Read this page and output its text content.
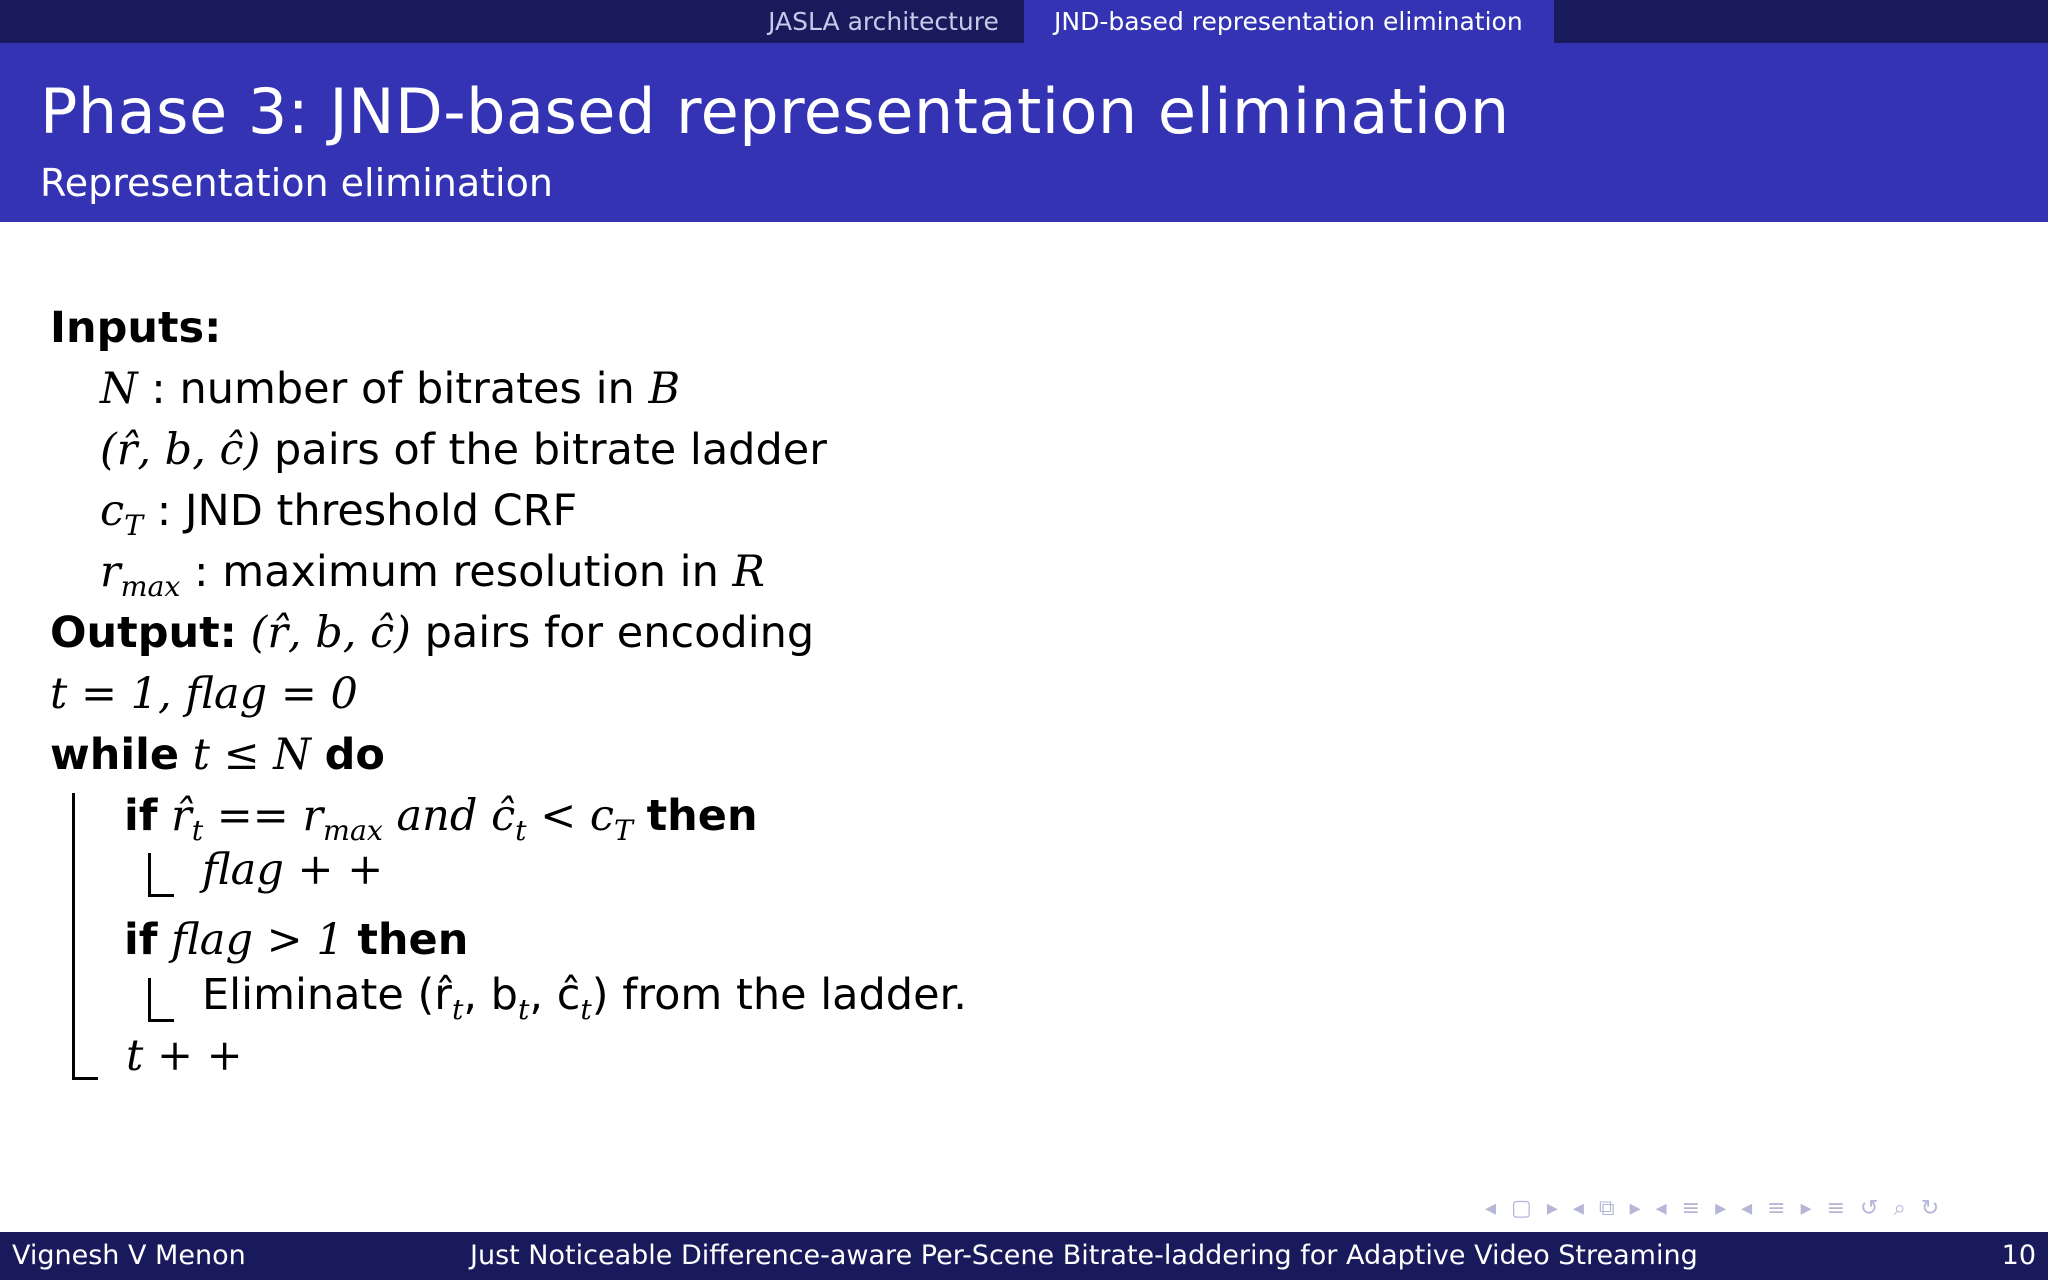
JASLA architecture	JND-based representation elimination
Phase 3: JND-based representation elimination
Representation elimination
Inputs:
N : number of bitrates in B
(r̂, b, ĉ) pairs of the bitrate ladder
$c_T$ : JND threshold CRF
$r_{max}$ : maximum resolution in R
Output: (r̂, b, ĉ) pairs for encoding
t = 1, flag = 0
while t ≤ N do
if $r̂_t == r_{max}$ and $ĉ_t < c_T$ then
flag + +
if flag > 1 then
Eliminate ($r̂_t$, $b_t$, $ĉ_t$) from the ladder.
t + +
◂ ▢ ▸ ◂ ⧉ ▸ ◂ ≡ ▸ ◂ ≡ ▸ ≡ ↺ ⌕ ↻
Vignesh V Menon	Just Noticeable Difference-aware Per-Scene Bitrate-laddering for Adaptive Video Streaming	10
